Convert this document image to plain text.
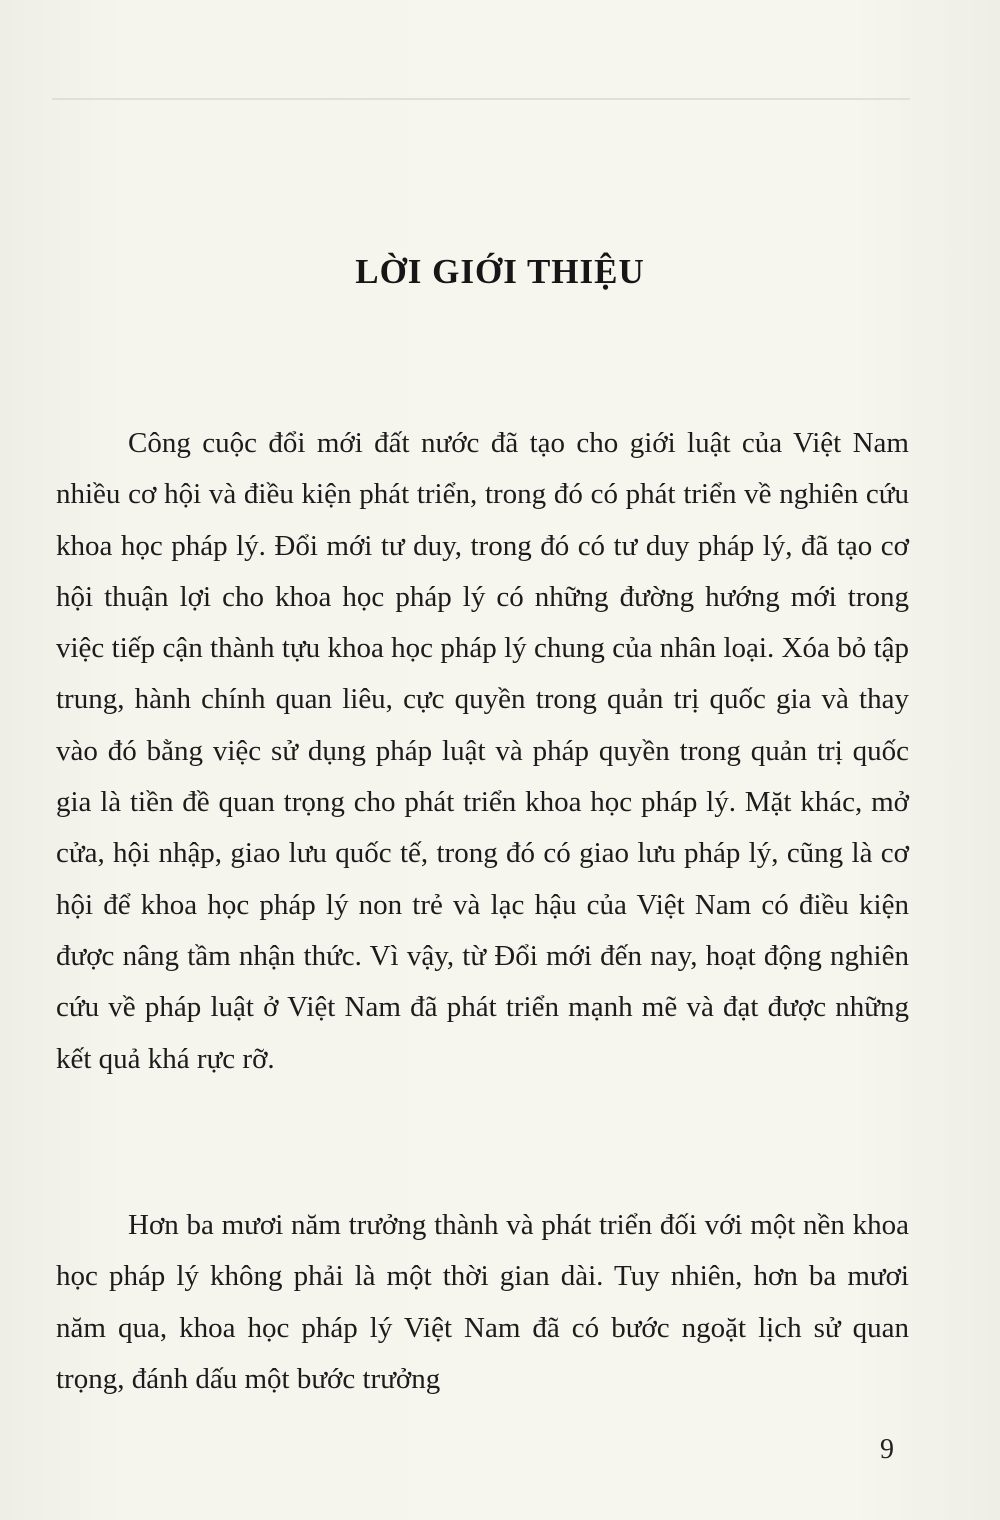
LỜI GIỚI THIỆU

Công cuộc đổi mới đất nước đã tạo cho giới luật của Việt Nam nhiều cơ hội và điều kiện phát triển, trong đó có phát triển về nghiên cứu khoa học pháp lý. Đổi mới tư duy, trong đó có tư duy pháp lý, đã tạo cơ hội thuận lợi cho khoa học pháp lý có những đường hướng mới trong việc tiếp cận thành tựu khoa học pháp lý chung của nhân loại. Xóa bỏ tập trung, hành chính quan liêu, cực quyền trong quản trị quốc gia và thay vào đó bằng việc sử dụng pháp luật và pháp quyền trong quản trị quốc gia là tiền đề quan trọng cho phát triển khoa học pháp lý. Mặt khác, mở cửa, hội nhập, giao lưu quốc tế, trong đó có giao lưu pháp lý, cũng là cơ hội để khoa học pháp lý non trẻ và lạc hậu của Việt Nam có điều kiện được nâng tầm nhận thức. Vì vậy, từ Đổi mới đến nay, hoạt động nghiên cứu về pháp luật ở Việt Nam đã phát triển mạnh mẽ và đạt được những kết quả khá rực rỡ.

Hơn ba mươi năm trưởng thành và phát triển đối với một nền khoa học pháp lý không phải là một thời gian dài. Tuy nhiên, hơn ba mươi năm qua, khoa học pháp lý Việt Nam đã có bước ngoặt lịch sử quan trọng, đánh dấu một bước trưởng

9
